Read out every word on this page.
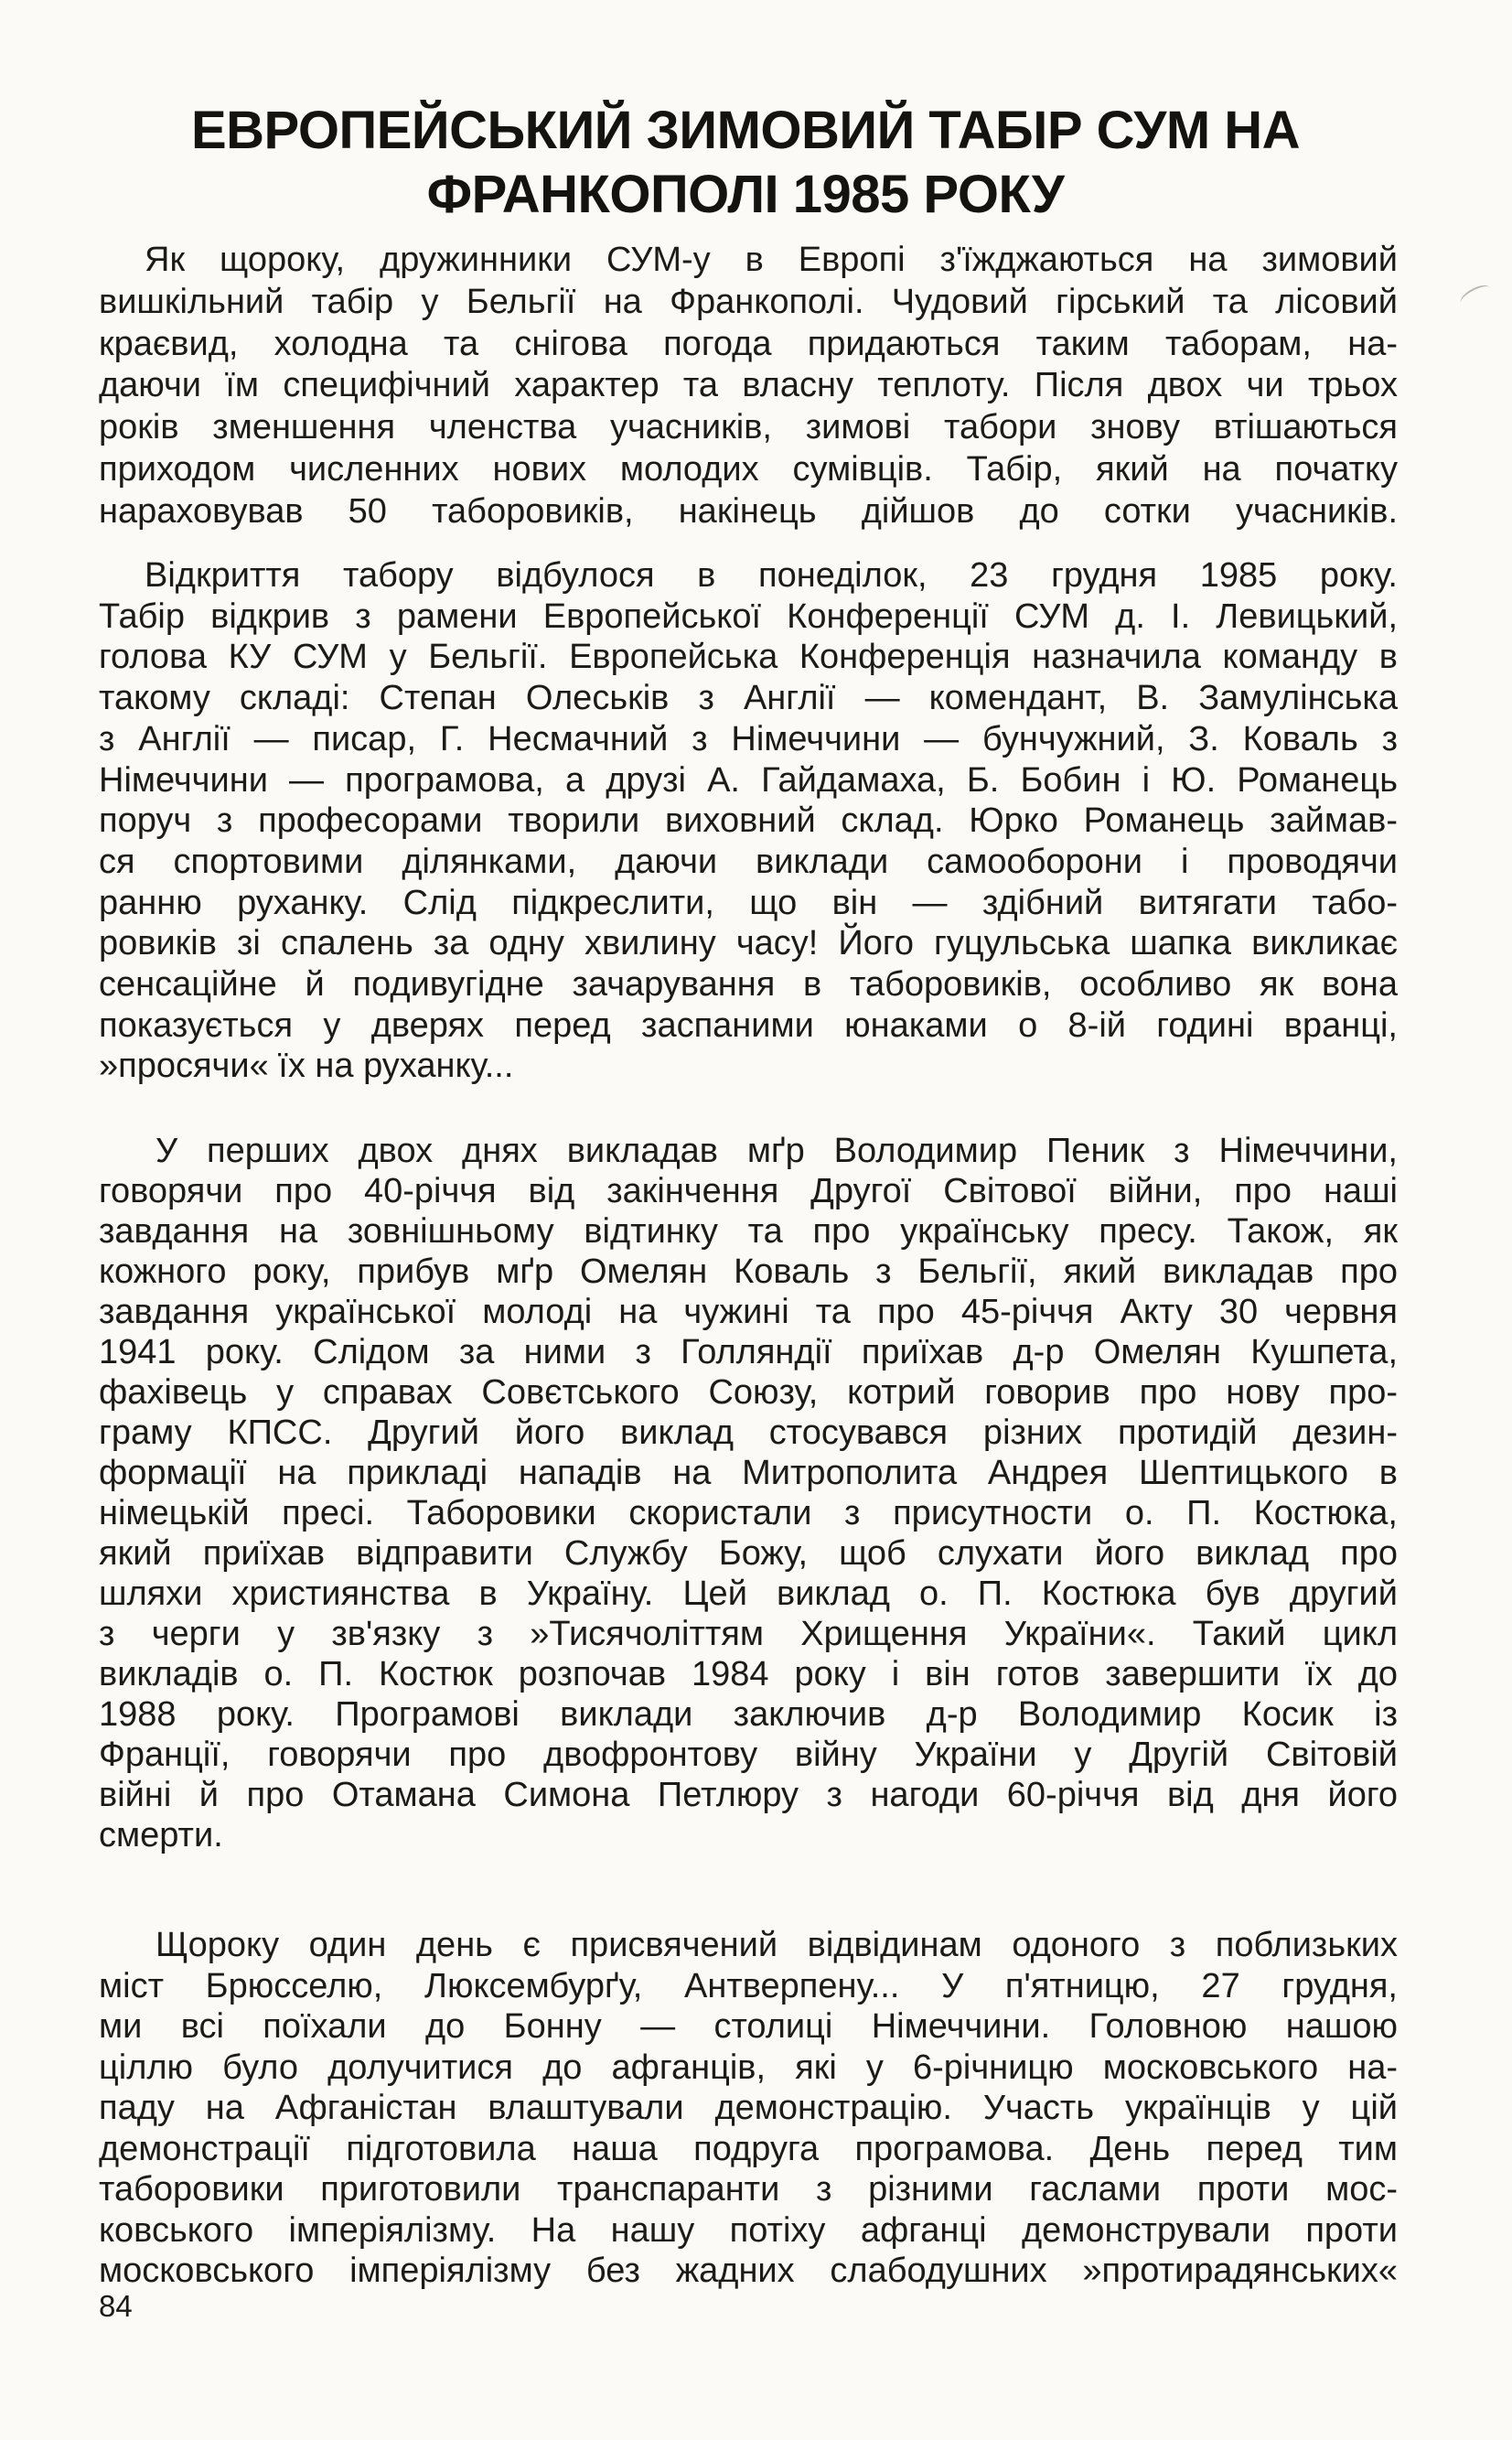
ЕВРОПЕЙСЬКИЙ ЗИМОВИЙ ТАБІР СУМ НА
ФРАНКОПОЛІ 1985 РОКУ
Як щороку, дружинники СУМ-у в Европі з'їжджаються на зимовий
вишкільний табір у Бельгії на Франкополі. Чудовий гірський та лісовий
краєвид, холодна та снігова погода придаються таким таборам, на-
даючи їм специфічний характер та власну теплоту. Після двох чи трьох
років зменшення членства учасників, зимові табори знову втішаються
приходом численних нових молодих сумівців. Табір, який на початку
нараховував 50 таборовиків, накінець дійшов до сотки учасників.
Відкриття табору відбулося в понеділок, 23 грудня 1985 року.
Табір відкрив з рамени Европейської Конференції СУМ д. І. Левицький,
голова КУ СУМ у Бельгії. Европейська Конференція назначила команду в
такому складі: Степан Олеськів з Англії — комендант, В. Замулінська
з Англії — писар, Г. Несмачний з Німеччини — бунчужний, З. Коваль з
Німеччини — програмова, а друзі А. Гайдамаха, Б. Бобин і Ю. Романець
поруч з професорами творили виховний склад. Юрко Романець займав-
ся спортовими ділянками, даючи виклади самооборони і проводячи
ранню руханку. Слід підкреслити, що він — здібний витягати табо-
ровиків зі спалень за одну хвилину часу! Його гуцульська шапка викликає
сенсаційне й подивугідне зачарування в таборовиків, особливо як вона
показується у дверях перед заспаними юнаками о 8-ій годині вранці,
»просячи« їх на руханку...
У перших двох днях викладав мґр Володимир Пеник з Німеччини,
говорячи про 40-річчя від закінчення Другої Світової війни, про наші
завдання на зовнішньому відтинку та про українську пресу. Також, як
кожного року, прибув мґр Омелян Коваль з Бельгії, який викладав про
завдання української молоді на чужині та про 45-річчя Акту 30 червня
1941 року. Слідом за ними з Голляндії приїхав д-р Омелян Кушпета,
фахівець у справах Совєтського Союзу, котрий говорив про нову про-
граму КПСС. Другий його виклад стосувався різних протидій дезин-
формації на прикладі нападів на Митрополита Андрея Шептицького в
німецькій пресі. Таборовики скористали з присутности о. П. Костюка,
який приїхав відправити Службу Божу, щоб слухати його виклад про
шляхи християнства в Україну. Цей виклад о. П. Костюка був другий
з черги у зв'язку з »Тисячоліттям Хрищення України«. Такий цикл
викладів о. П. Костюк розпочав 1984 року і він готов завершити їх до
1988 року. Програмові виклади заключив д-р Володимир Косик із
Франції, говорячи про двофронтову війну України у Другій Світовій
війні й про Отамана Симона Петлюру з нагоди 60-річчя від дня його
смерти.
Щороку один день є присвячений відвідинам одоного з поблизьких
міст Брюсселю, Люксембурґу, Антверпену... У п'ятницю, 27 грудня,
ми всі поїхали до Бонну — столиці Німеччини. Головною нашою
ціллю було долучитися до афганців, які у 6-річницю московського на-
паду на Афганістан влаштували демонстрацію. Участь українців у цій
демонстрації підготовила наша подруга програмова. День перед тим
таборовики приготовили транспаранти з різними гаслами проти мос-
ковського імперіялізму. На нашу потіху афганці демонстрували проти
московського імперіялізму без жадних слабодушних »протирадянських«
84
